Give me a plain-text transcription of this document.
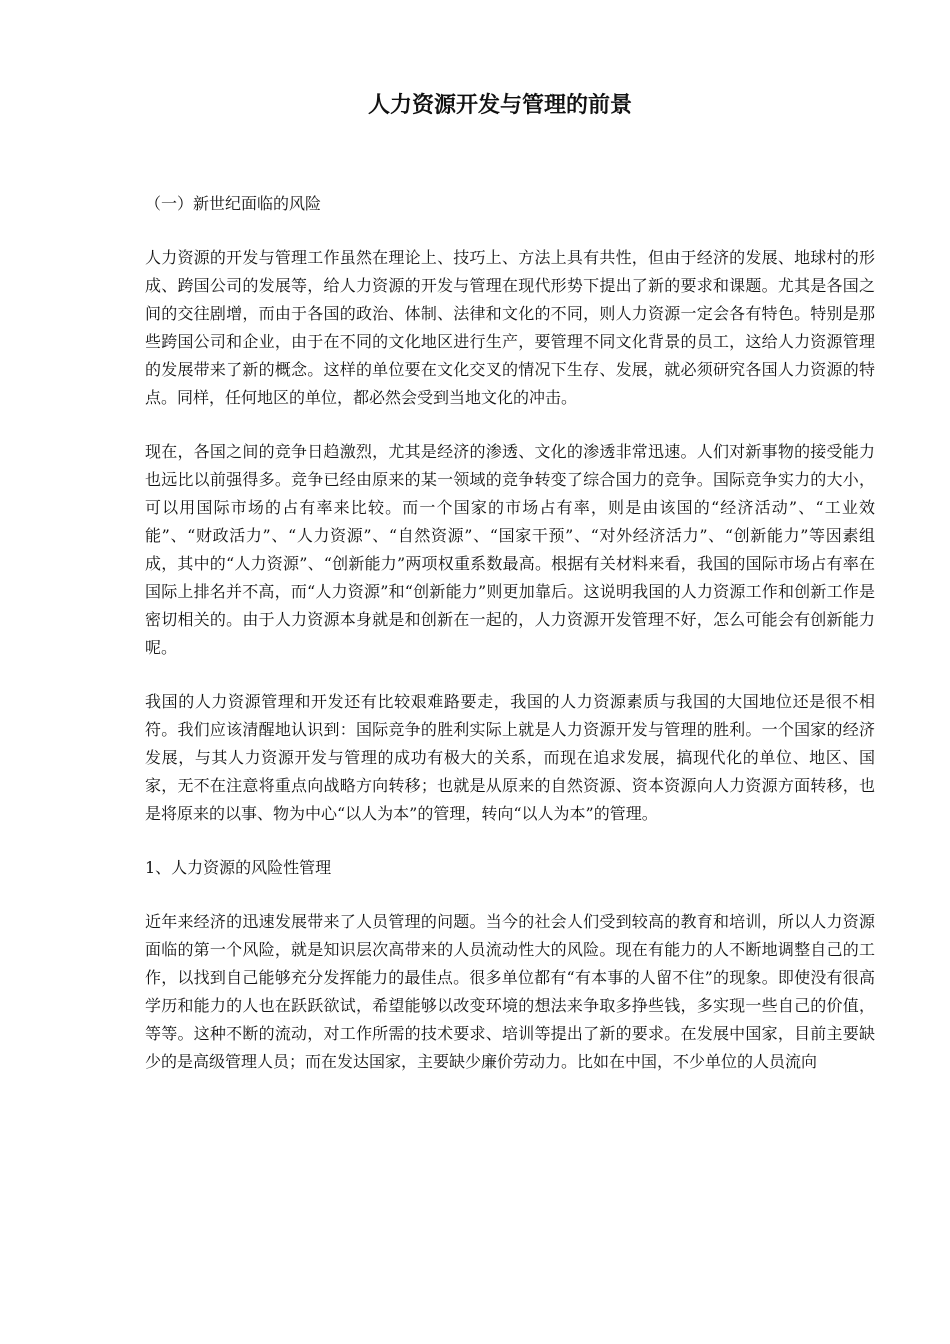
人力资源开发与管理的前景

（一）新世纪面临的风险

人力资源的开发与管理工作虽然在理论上、技巧上、方法上具有共性，但由于经济的发展、地球村的形成、跨国公司的发展等，给人力资源的开发与管理在现代形势下提出了新的要求和课题。尤其是各国之间的交往剧增，而由于各国的政治、体制、法律和文化的不同，则人力资源一定会各有特色。特别是那些跨国公司和企业，由于在不同的文化地区进行生产，要管理不同文化背景的员工，这给人力资源管理的发展带来了新的概念。这样的单位要在文化交叉的情况下生存、发展，就必须研究各国人力资源的特点。同样，任何地区的单位，都必然会受到当地文化的冲击。

现在，各国之间的竞争日趋激烈，尤其是经济的渗透、文化的渗透非常迅速。人们对新事物的接受能力也远比以前强得多。竞争已经由原来的某一领域的竞争转变了综合国力的竞争。国际竞争实力的大小，可以用国际市场的占有率来比较。而一个国家的市场占有率，则是由该国的“经济活动”、“工业效能”、“财政活力”、“人力资源”、“自然资源”、“国家干预”、“对外经济活力”、“创新能力”等因素组成，其中的“人力资源”、“创新能力”两项权重系数最高。根据有关材料来看，我国的国际市场占有率在国际上排名并不高，而“人力资源”和“创新能力”则更加靠后。这说明我国的人力资源工作和创新工作是密切相关的。由于人力资源本身就是和创新在一起的，人力资源开发管理不好，怎么可能会有创新能力呢。

我国的人力资源管理和开发还有比较艰难路要走，我国的人力资源素质与我国的大国地位还是很不相符。我们应该清醒地认识到：国际竞争的胜利实际上就是人力资源开发与管理的胜利。一个国家的经济发展，与其人力资源开发与管理的成功有极大的关系，而现在追求发展，搞现代化的单位、地区、国家，无不在注意将重点向战略方向转移；也就是从原来的自然资源、资本资源向人力资源方面转移，也是将原来的以事、物为中心“以人为本”的管理，转向“以人为本”的管理。

1、人力资源的风险性管理

近年来经济的迅速发展带来了人员管理的问题。当今的社会人们受到较高的教育和培训，所以人力资源面临的第一个风险，就是知识层次高带来的人员流动性大的风险。现在有能力的人不断地调整自己的工作，以找到自己能够充分发挥能力的最佳点。很多单位都有“有本事的人留不住”的现象。即使没有很高学历和能力的人也在跃跃欲试，希望能够以改变环境的想法来争取多挣些钱，多实现一些自己的价值，等等。这种不断的流动，对工作所需的技术要求、培训等提出了新的要求。在发展中国家，目前主要缺少的是高级管理人员；而在发达国家，主要缺少廉价劳动力。比如在中国，不少单位的人员流向
